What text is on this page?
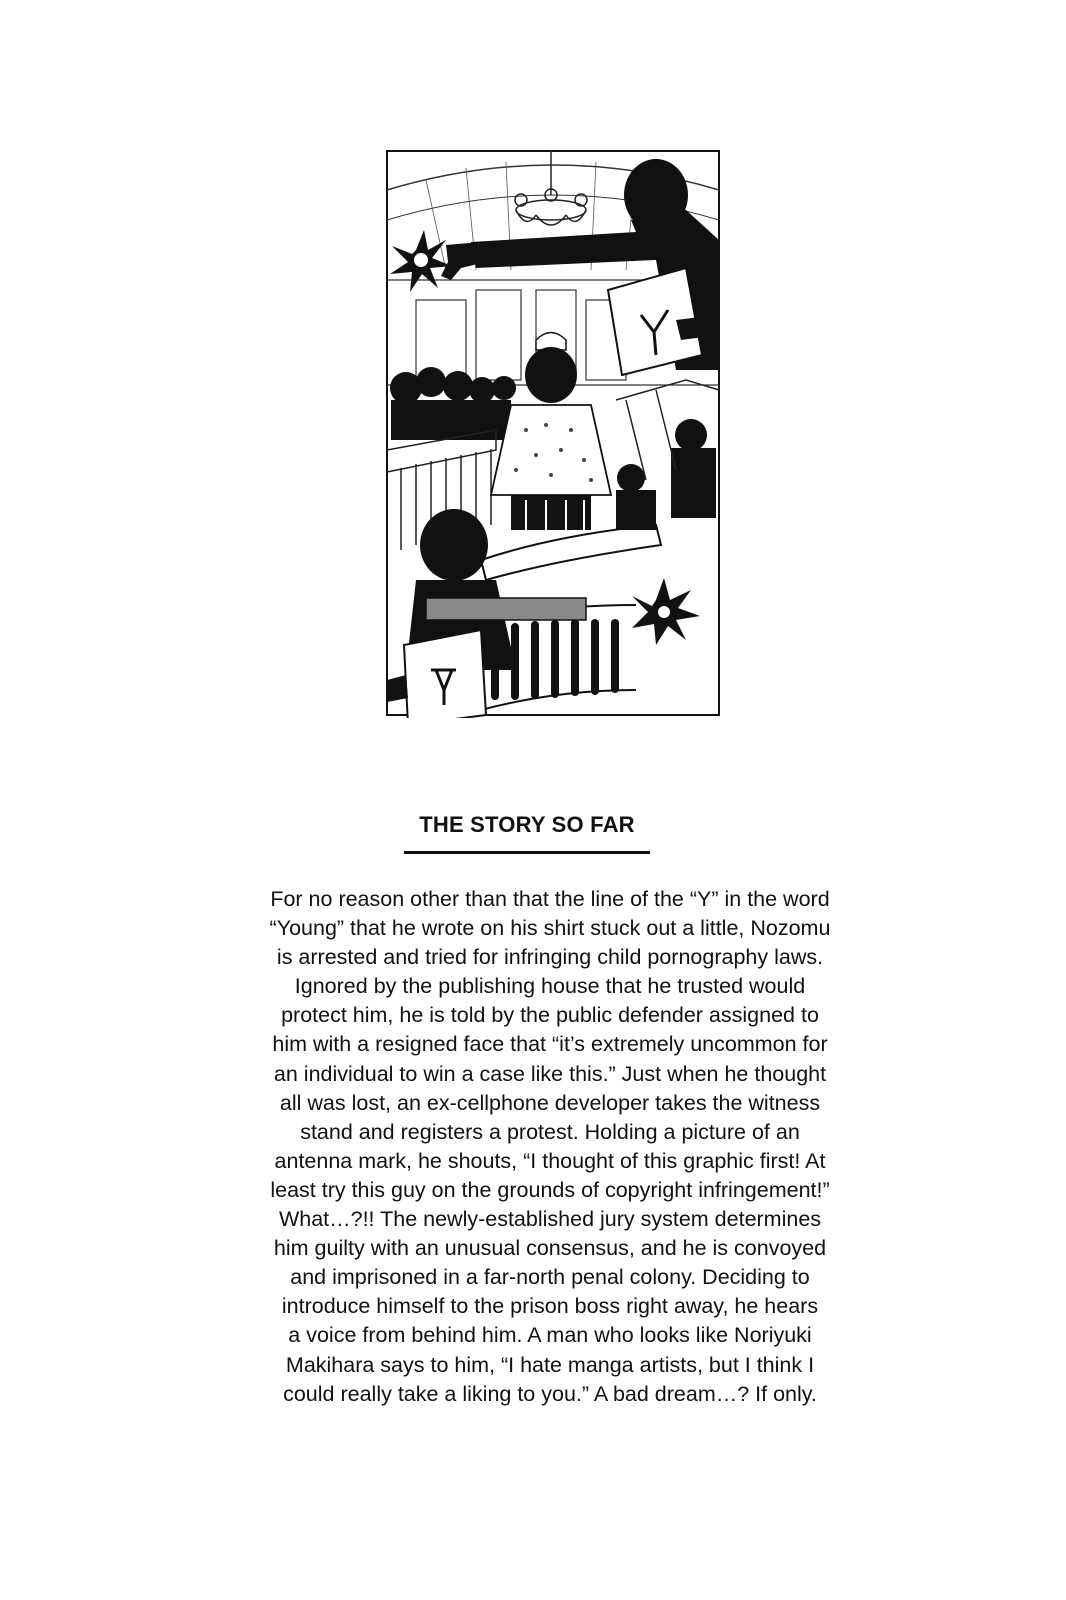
THE STORY SO FAR
For no reason other than that the line of the “Y” in the word
“Young” that he wrote on his shirt stuck out a little, Nozomu
is arrested and tried for infringing child pornography laws.
Ignored by the publishing house that he trusted would
protect him, he is told by the public defender assigned to
him with a resigned face that “it’s extremely uncommon for
an individual to win a case like this.” Just when he thought
all was lost, an ex-cellphone developer takes the witness
stand and registers a protest. Holding a picture of an
antenna mark, he shouts, “I thought of this graphic first! At
least try this guy on the grounds of copyright infringement!”
What…?!! The newly-established jury system determines
him guilty with an unusual consensus, and he is convoyed
and imprisoned in a far-north penal colony. Deciding to
introduce himself to the prison boss right away, he hears
a voice from behind him. A man who looks like Noriyuki
Makihara says to him, “I hate manga artists, but I think I
could really take a liking to you.” A bad dream…? If only.
